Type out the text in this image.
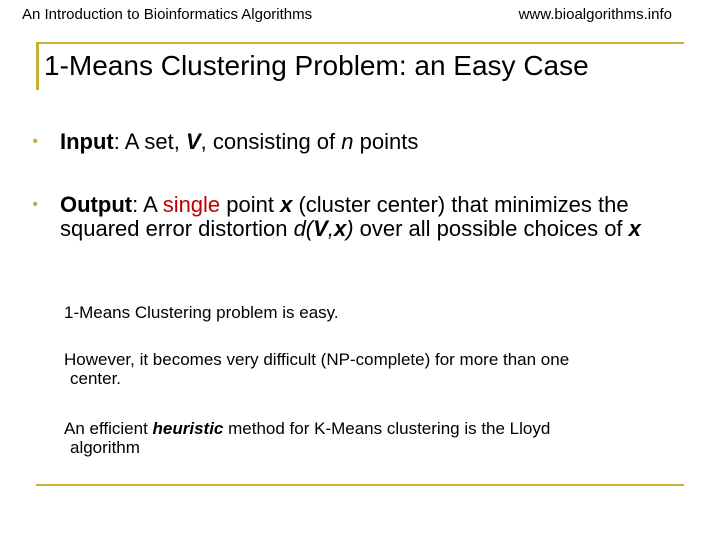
An Introduction to Bioinformatics Algorithms	www.bioalgorithms.info
1-Means Clustering Problem: an Easy Case
•	Input: A set, V, consisting of n points
•	Output: A single point x (cluster center) that minimizes the squared error distortion d(V,x) over all possible choices of x
1-Means Clustering problem is easy.
However, it becomes very difficult (NP-complete) for more than one
center.
An efficient heuristic method for K-Means clustering is the Lloyd
algorithm
